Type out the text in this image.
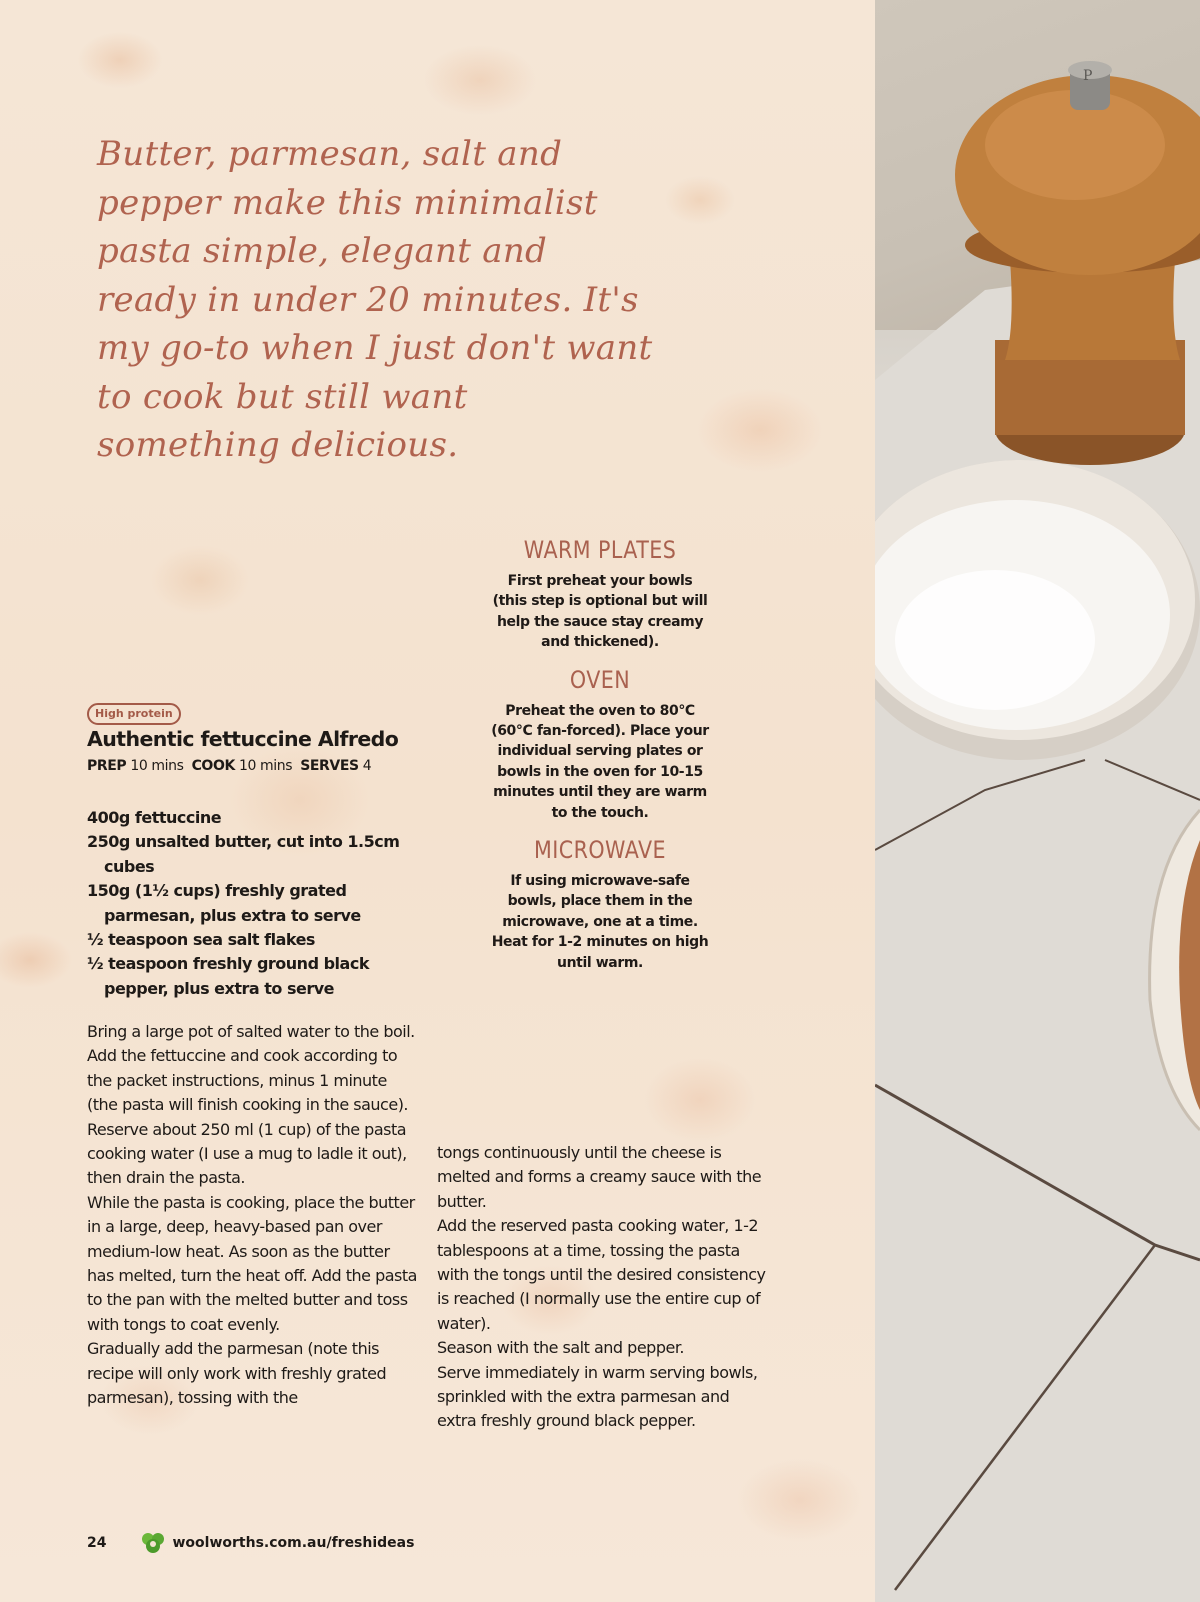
Butter, parmesan, salt and pepper make this minimalist pasta simple, elegant and ready in under 20 minutes. It's my go-to when I just don't want to cook but still want something delicious.
WARM PLATES
First preheat your bowls (this step is optional but will help the sauce stay creamy and thickened).
OVEN
Preheat the oven to 80°C (60°C fan-forced). Place your individual serving plates or bowls in the oven for 10-15 minutes until they are warm to the touch.
MICROWAVE
If using microwave-safe bowls, place them in the microwave, one at a time. Heat for 1-2 minutes on high until warm.
High protein
Authentic fettuccine Alfredo
PREP 10 mins COOK 10 mins SERVES 4
400g fettuccine
250g unsalted butter, cut into 1.5cm cubes
150g (1½ cups) freshly grated parmesan, plus extra to serve
½ teaspoon sea salt flakes
½ teaspoon freshly ground black pepper, plus extra to serve

Bring a large pot of salted water to the boil. Add the fettuccine and cook according to the packet instructions, minus 1 minute (the pasta will finish cooking in the sauce). Reserve about 250 ml (1 cup) of the pasta cooking water (I use a mug to ladle it out), then drain the pasta.

While the pasta is cooking, place the butter in a large, deep, heavy-based pan over medium-low heat. As soon as the butter has melted, turn the heat off. Add the pasta to the pan with the melted butter and toss with tongs to coat evenly.

Gradually add the parmesan (note this recipe will only work with freshly grated parmesan), tossing with the

tongs continuously until the cheese is melted and forms a creamy sauce with the butter.

Add the reserved pasta cooking water, 1-2 tablespoons at a time, tossing the pasta with the tongs until the desired consistency is reached (I normally use the entire cup of water).

Season with the salt and pepper.

Serve immediately in warm serving bowls, sprinkled with the extra parmesan and extra freshly ground black pepper.

24	woolworths.com.au/freshideas
P
